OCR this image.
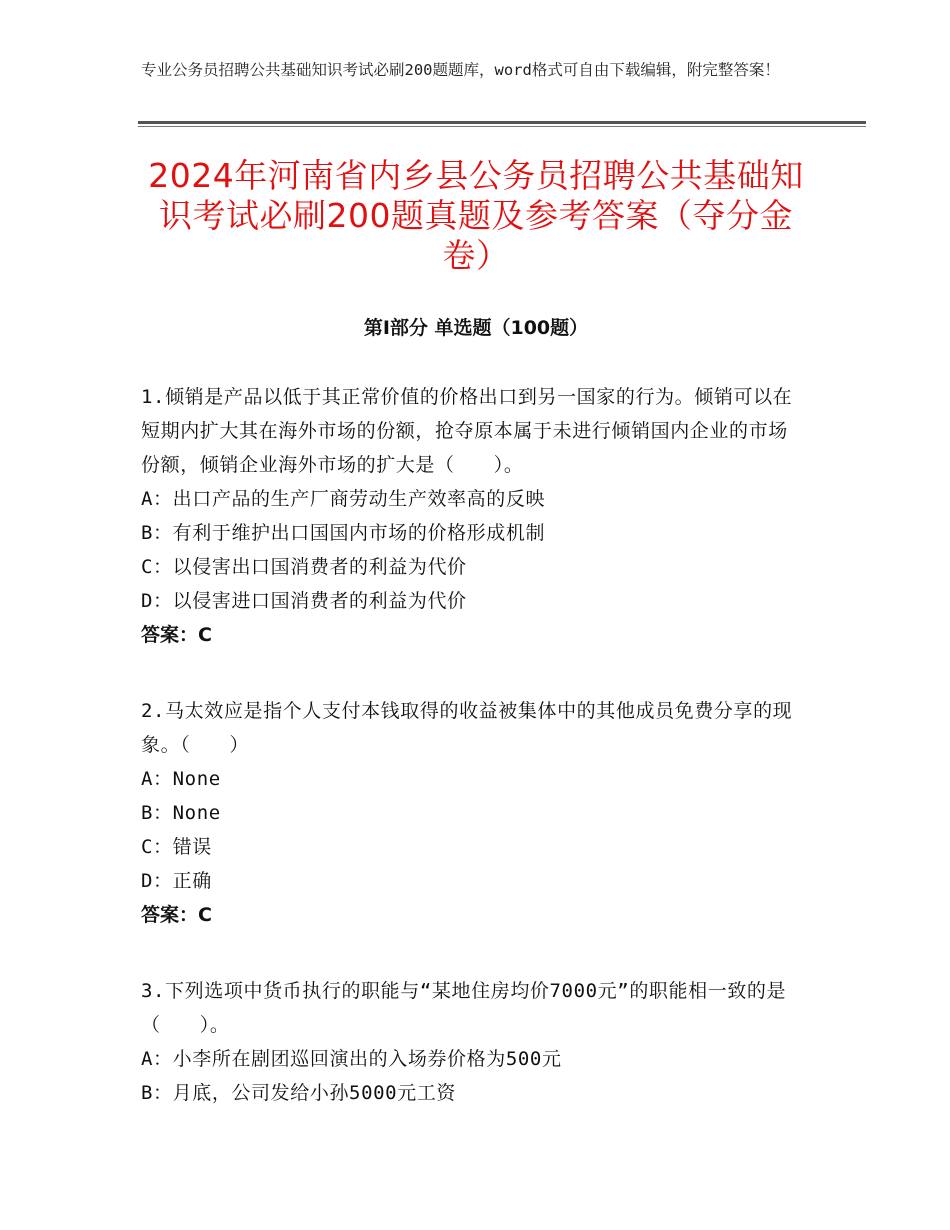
专业公务员招聘公共基础知识考试必刷200题题库，word格式可自由下载编辑，附完整答案！
2024年河南省内乡县公务员招聘公共基础知识考试必刷200题真题及参考答案（夺分金卷）
第I部分 单选题（100题）

1.倾销是产品以低于其正常价值的价格出口到另一国家的行为。倾销可以在短期内扩大其在海外市场的份额，抢夺原本属于未进行倾销国内企业的市场份额，倾销企业海外市场的扩大是（　　）。

A：出口产品的生产厂商劳动生产效率高的反映

B：有利于维护出口国国内市场的价格形成机制

C：以侵害出口国消费者的利益为代价

D：以侵害进口国消费者的利益为代价

答案：C

2.马太效应是指个人支付本钱取得的收益被集体中的其他成员免费分享的现象。（　　）

A：None

B：None

C：错误

D：正确

答案：C

3.下列选项中货币执行的职能与“某地住房均价7000元”的职能相一致的是（　　）。

A：小李所在剧团巡回演出的入场券价格为500元

B：月底，公司发给小孙5000元工资
